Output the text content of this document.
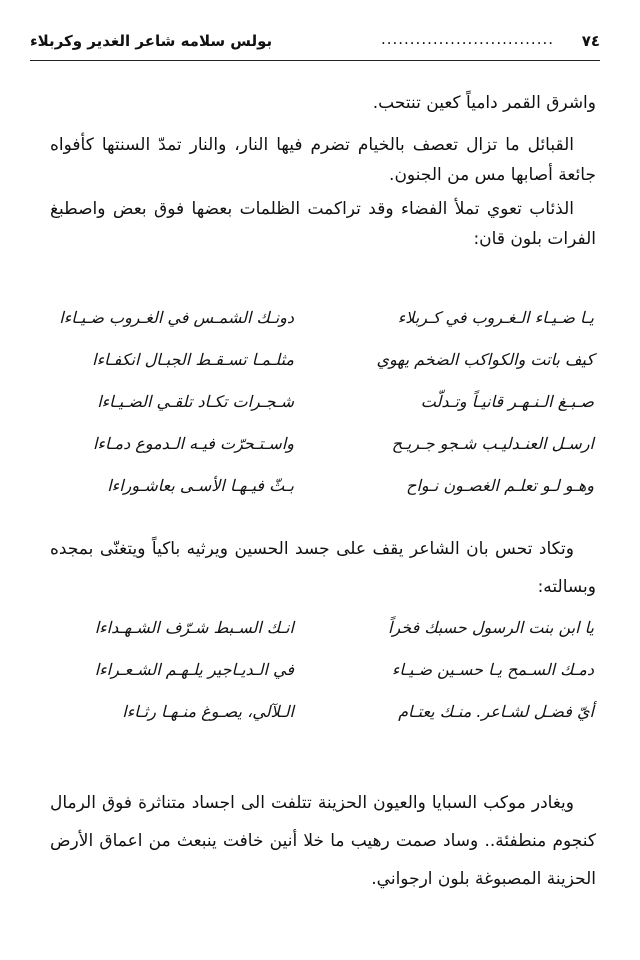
٧٤
..............................
بولس سلامه شاعر الغدير وكربلاء

واشرق القمر دامياً كعين تنتحب.

القبائل ما تزال تعصف بالخيام تضرم فيها النار، والنار تمدّ السنتها كأفواه جائعة أصابها مس من الجنون.

الذئاب تعوي تملأ الفضاء وقد تراكمت الظلمات بعضها فوق بعض واصطبغ الفرات بلون قان:

يـا ضـيـاء الـغـروب في كـربلاء
دونـك الشمـس في الغـروب ضـيـاءا
كيف باتت والكواكب الضخم يهوي
مثلـمـا تسـقـط الجبـال انكفـاءا
صـبـغ الـنـهـر قانيـاً وتـدلّت
شـجـرات تكـاد تلقـي الضـيـاءا
ارسـل العنـدليـب شـجو جـريـح
واسـتـحرّت فيـه الـدموع دمـاءا
وهـو لـو تعلـم الغصـون نـواح
بـثّ فيـهـا الأسـى بعاشـوراءا

وتكاد تحس بان الشاعر يقف على جسد الحسين ويرثيه باكياً ويتغنّى بمجده وبسالته:

يا ابن بنت الرسول حسبك فخراً
انـك السـبط شـرّف الشـهـداءا
دمـك السـمح يـا حسـين ضـيـاء
في الـديـاجير يلـهـم الشـعـراءا
أيّ فضـل لشـاعر. منـك يعتـام
الـلآلي، يصـوغ منـهـا رثـاءا

ويغادر موكب السبايا والعيون الحزينة تتلفت الى اجساد متناثرة فوق الرمال كنجوم منطفئة.. وساد صمت رهيب ما خلا أنين خافت ينبعث من اعماق الأرض الحزينة المصبوغة بلون ارجواني.
